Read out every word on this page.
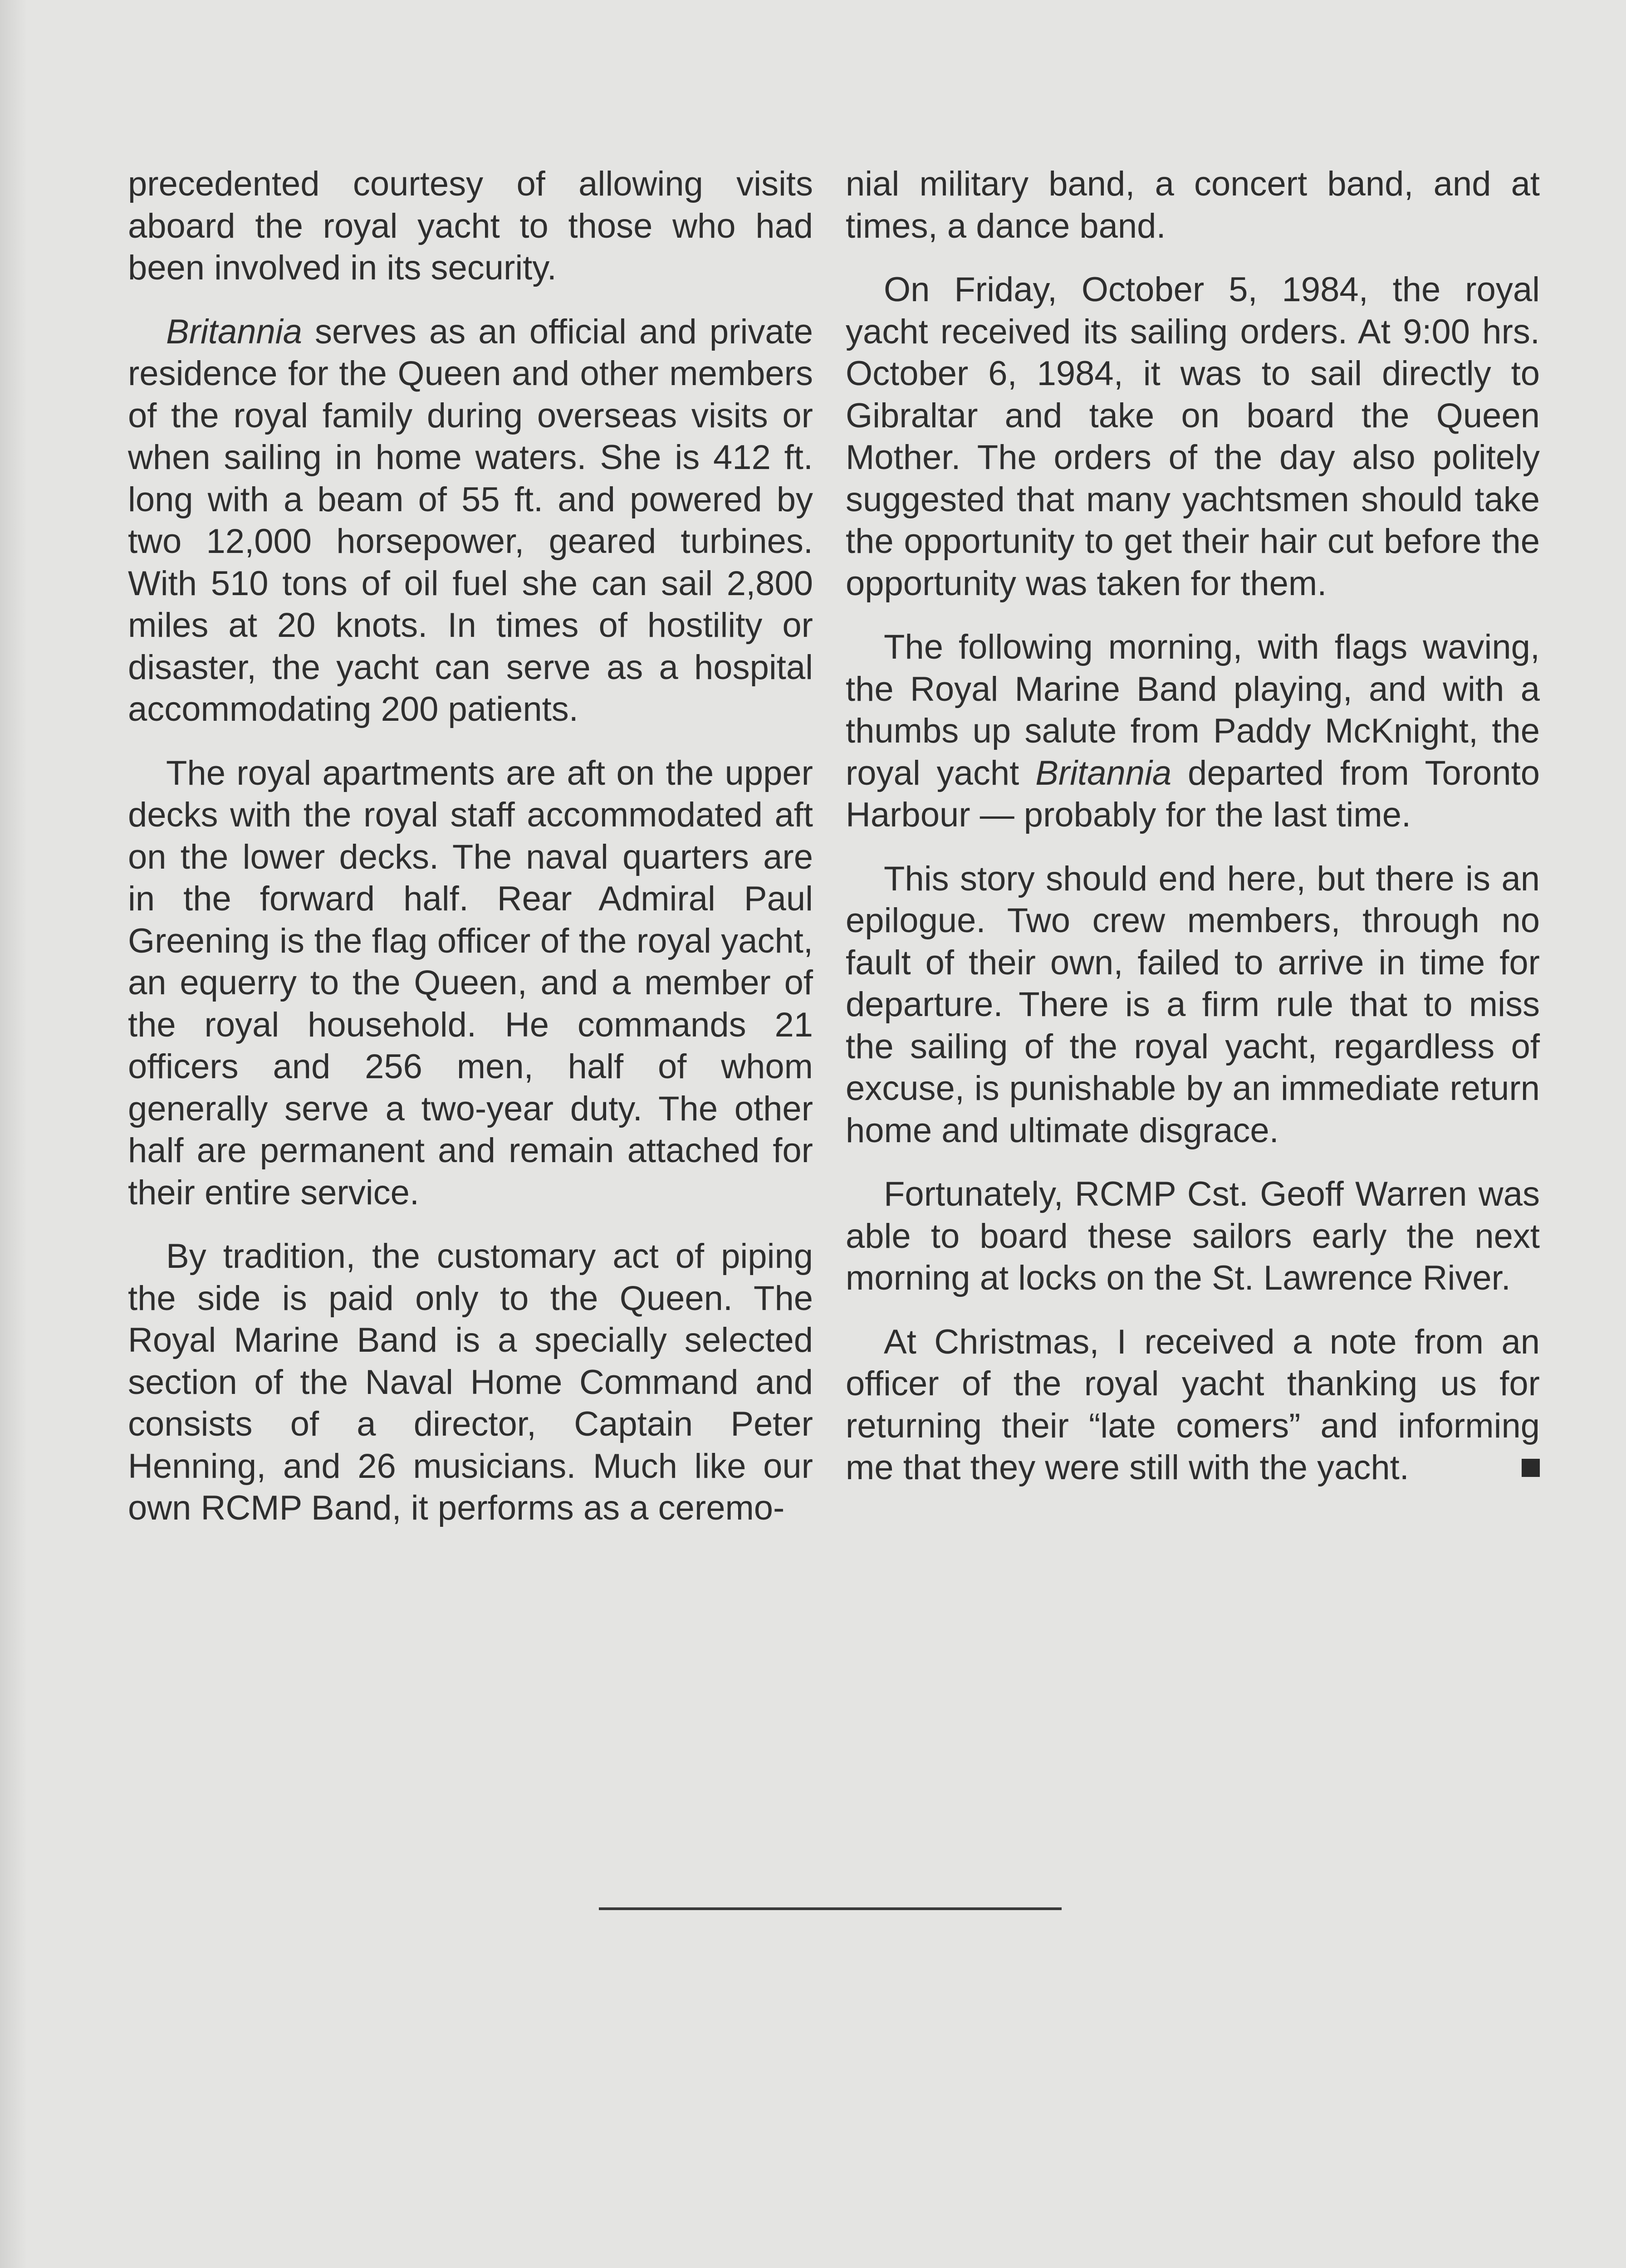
precedented courtesy of allowing visits aboard the royal yacht to those who had been involved in its security.

Britannia serves as an official and private residence for the Queen and other members of the royal family during overseas visits or when sailing in home waters. She is 412 ft. long with a beam of 55 ft. and powered by two 12,000 horsepower, geared turbines. With 510 tons of oil fuel she can sail 2,800 miles at 20 knots. In times of hostility or disaster, the yacht can serve as a hospital accommodating 200 patients.

The royal apartments are aft on the upper decks with the royal staff accommodated aft on the lower decks. The naval quarters are in the forward half. Rear Admiral Paul Greening is the flag officer of the royal yacht, an equerry to the Queen, and a member of the royal household. He commands 21 officers and 256 men, half of whom generally serve a two-year duty. The other half are permanent and remain attached for their entire service.

By tradition, the customary act of piping the side is paid only to the Queen. The Royal Marine Band is a specially selected section of the Naval Home Command and consists of a director, Captain Peter Henning, and 26 musicians. Much like our own RCMP Band, it performs as a ceremo-

nial military band, a concert band, and at times, a dance band.

On Friday, October 5, 1984, the royal yacht received its sailing orders. At 9:00 hrs. October 6, 1984, it was to sail directly to Gibraltar and take on board the Queen Mother. The orders of the day also politely suggested that many yachtsmen should take the opportunity to get their hair cut before the opportunity was taken for them.

The following morning, with flags waving, the Royal Marine Band playing, and with a thumbs up salute from Paddy McKnight, the royal yacht Britannia departed from Toronto Harbour — probably for the last time.

This story should end here, but there is an epilogue. Two crew members, through no fault of their own, failed to arrive in time for departure. There is a firm rule that to miss the sailing of the royal yacht, regardless of excuse, is punishable by an immediate return home and ultimate disgrace.

Fortunately, RCMP Cst. Geoff Warren was able to board these sailors early the next morning at locks on the St. Lawrence River.

At Christmas, I received a note from an officer of the royal yacht thanking us for returning their “late comers” and informing me that they were still with the yacht.
